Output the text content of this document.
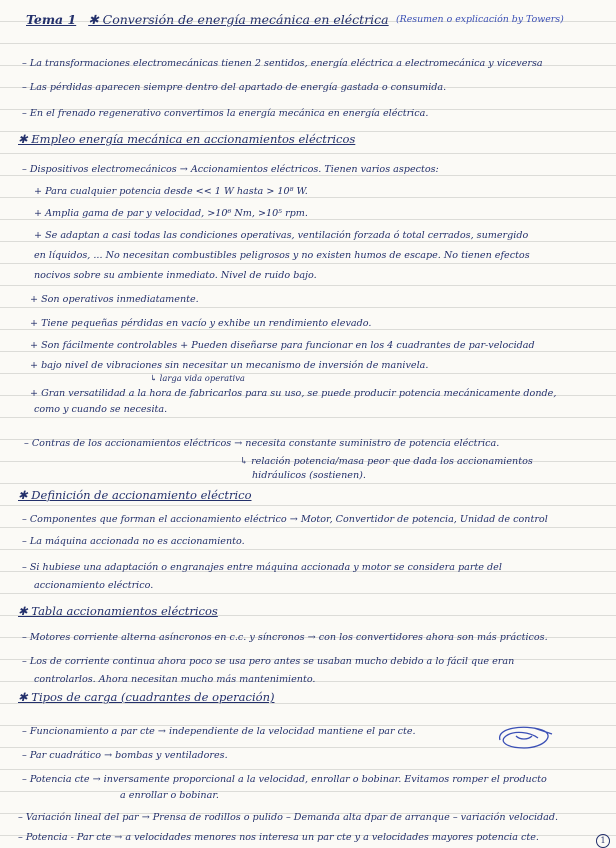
Tema 1 ✱ Conversión de energía mecánica en eléctrica (Resumen o explicación by Towers)
– La transformaciones electromecánicas tienen 2 sentidos, energía eléctrica a electromecánica y viceversa
– Las pérdidas aparecen siempre dentro del apartado de energía gastada o consumida.
– En el frenado regenerativo convertimos la energía mecánica en energía eléctrica.
✱ Empleo energía mecánica en accionamientos eléctricos
– Dispositivos electromecánicos → Accionamientos eléctricos. Tienen varios aspectos:
+ Para cualquier potencia desde << 1 W hasta > 10⁸ W.
+ Amplia gama de par y velocidad, >10⁶ Nm, >10⁵ rpm.
+ Se adaptan a casi todas las condiciones operativas, ventilación forzada ó total cerrados, sumergido
en líquidos, ... No necesitan combustibles peligrosos y no existen humos de escape. No tienen efectos
nocivos sobre su ambiente inmediato. Nivel de ruido bajo.
+ Son operativos inmediatamente.
+ Tiene pequeñas pérdidas en vacío y exhibe un rendimiento elevado.
+ Son fácilmente controlables + Pueden diseñarse para funcionar en los 4 cuadrantes de par-velocidad
+ bajo nivel de vibraciones sin necesitar un mecanismo de inversión de manivela.
↳ larga vida operativa
+ Gran versatilidad a la hora de fabricarlos para su uso, se puede producir potencia mecánicamente donde,
como y cuando se necesita.
– Contras de los accionamientos eléctricos → necesita constante suministro de potencia eléctrica.
↳ relación potencia/masa peor que dada los accionamientos
hidráulicos (sostienen).
✱ Definición de accionamiento eléctrico
– Componentes que forman el accionamiento eléctrico → Motor, Convertidor de potencia, Unidad de control
– La máquina accionada no es accionamiento.
– Si hubiese una adaptación o engranajes entre máquina accionada y motor se considera parte del
accionamiento eléctrico.
✱ Tabla accionamientos eléctricos
– Motores corriente alterna asíncronos en c.c. y síncronos → con los convertidores ahora son más prácticos.
– Los de corriente continua ahora poco se usa pero antes se usaban mucho debido a lo fácil que eran
controlarlos. Ahora necesitan mucho más mantenimiento.
✱ Tipos de carga (cuadrantes de operación)
– Funcionamiento a par cte → independiente de la velocidad mantiene el par cte.
– Par cuadrático → bombas y ventiladores.
– Potencia cte → inversamente proporcional a la velocidad, enrollar o bobinar. Evitamos romper el producto
a enrollar o bobinar.
– Variación lineal del par → Prensa de rodillos o pulido – Demanda alta dpar de arranque – variación velocidad.
– Potencia - Par cte → a velocidades menores nos interesa un par cte y a velocidades mayores potencia cte.	1
